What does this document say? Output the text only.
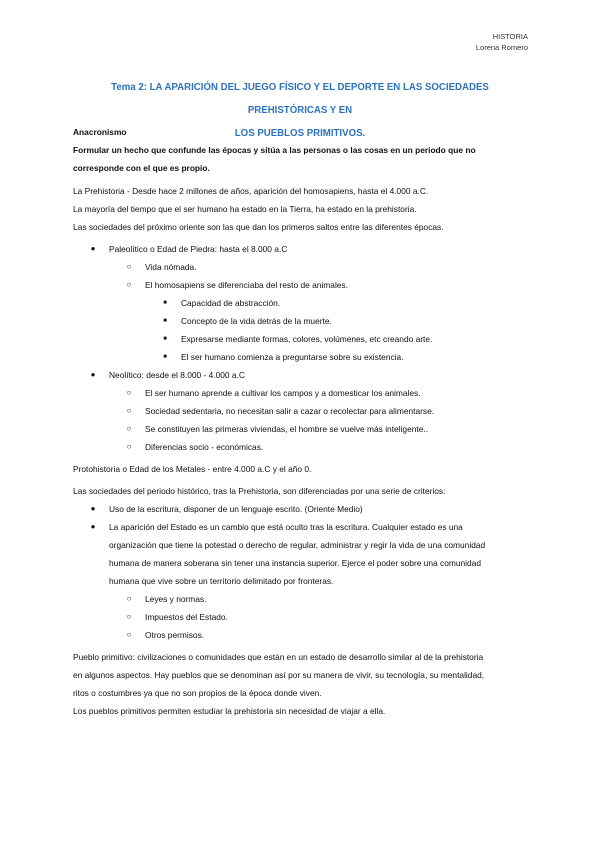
HISTORIA
Lorena Romero
Tema 2: LA APARICIÓN DEL JUEGO FÍSICO Y EL DEPORTE EN LAS SOCIEDADES PREHISTÓRICAS Y EN
LOS PUEBLOS PRIMITIVOS.

Anacronismo

Formular un hecho que confunde las épocas y sitúa a las personas o las cosas en un periodo que no

corresponde con el que es propio.

La Prehistoria - Desde hace 2 millones de años, aparición del homosapiens, hasta el 4.000 a.C.

La mayoría del tiempo que el ser humano ha estado en la Tierra, ha estado en la prehistoria.

Las sociedades del próximo oriente son las que dan los primeros saltos entre las diferentes épocas.

●	Paleolítico o Edad de Piedra: hasta el 8.000 a.C
○	Vida nómada.
○	El homosapiens se diferenciaba del resto de animales.
■	Capacidad de abstracción.
■	Concepto de la vida detrás de la muerte.
■	Expresarse mediante formas, colores, volúmenes, etc creando arte.
■	El ser humano comienza a preguntarse sobre su existencia.
●	Neolítico: desde el 8.000 - 4.000 a.C
○	El ser humano aprende a cultivar los campos y a domesticar los animales.
○	Sociedad sedentaria, no necesitan salir a cazar o recolectar para alimentarse.
○	Se constituyen las primeras viviendas, el hombre se vuelve más inteligente..
○	Diferencias socio - económicas.

Protohistoria o Edad de los Metales - entre 4.000 a.C y el año 0.

Las sociedades del periodo histórico, tras la Prehistoria, son diferenciadas por una serie de criterios:

●	Uso de la escritura, disponer de un lenguaje escrito. (Oriente Medio)
●	La aparición del Estado es un cambio que está oculto tras la escritura. Cualquier estado es una
organización que tiene la potestad o derecho de regular, administrar y regir la vida de una comunidad
humana de manera soberana sin tener una instancia superior. Ejerce el poder sobre una comunidad
humana que vive sobre un territorio delimitado por fronteras.
○	Leyes y normas.
○	Impuestos del Estado.
○	Otros permisos.

Pueblo primitivo: civilizaciones o comunidades que están en un estado de desarrollo similar al de la prehistoria

en algunos aspectos. Hay pueblos que se denominan así por su manera de vivir, su tecnología, su mentalidad,

ritos o costumbres ya que no son propios de la época donde viven.

Los pueblos primitivos permiten estudiar la prehistoria sin necesidad de viajar a ella.
